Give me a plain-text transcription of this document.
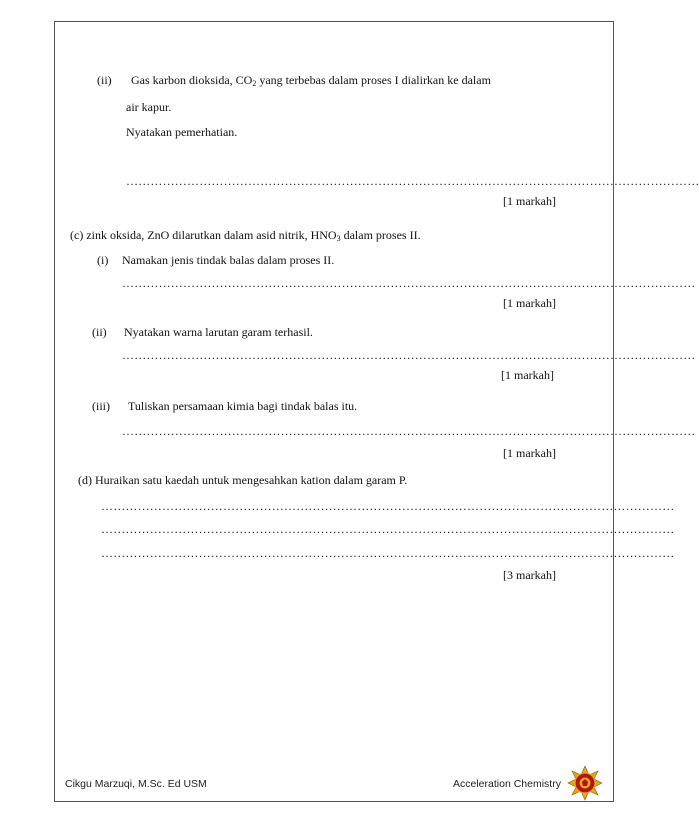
(ii) Gas karbon dioksida, $CO_2$ yang terbebas dalam proses I dialirkan ke dalam
air kapur.
Nyatakan pemerhatian.
……………………………………………………………………………………………………………………………
[1 markah]
(c) zink oksida, ZnO dilarutkan dalam asid nitrik, $HNO_3$ dalam proses II.
(i) Namakan jenis tindak balas dalam proses II.
……………………………………………………………………………………………………………………………
[1 markah]
(ii) Nyatakan warna larutan garam terhasil.
……………………………………………………………………………………………………………………………
[1 markah]
(iii) Tuliskan persamaan kimia bagi tindak balas itu.
……………………………………………………………………………………………………………………………
[1 markah]
(d) Huraikan satu kaedah untuk mengesahkan kation dalam garam P.
……………………………………………………………………………………………………………………………
……………………………………………………………………………………………………………………………
……………………………………………………………………………………………………………………………
[3 markah]
Cikgu Marzuqi, M.Sc. Ed USM	Acceleration Chemistry
